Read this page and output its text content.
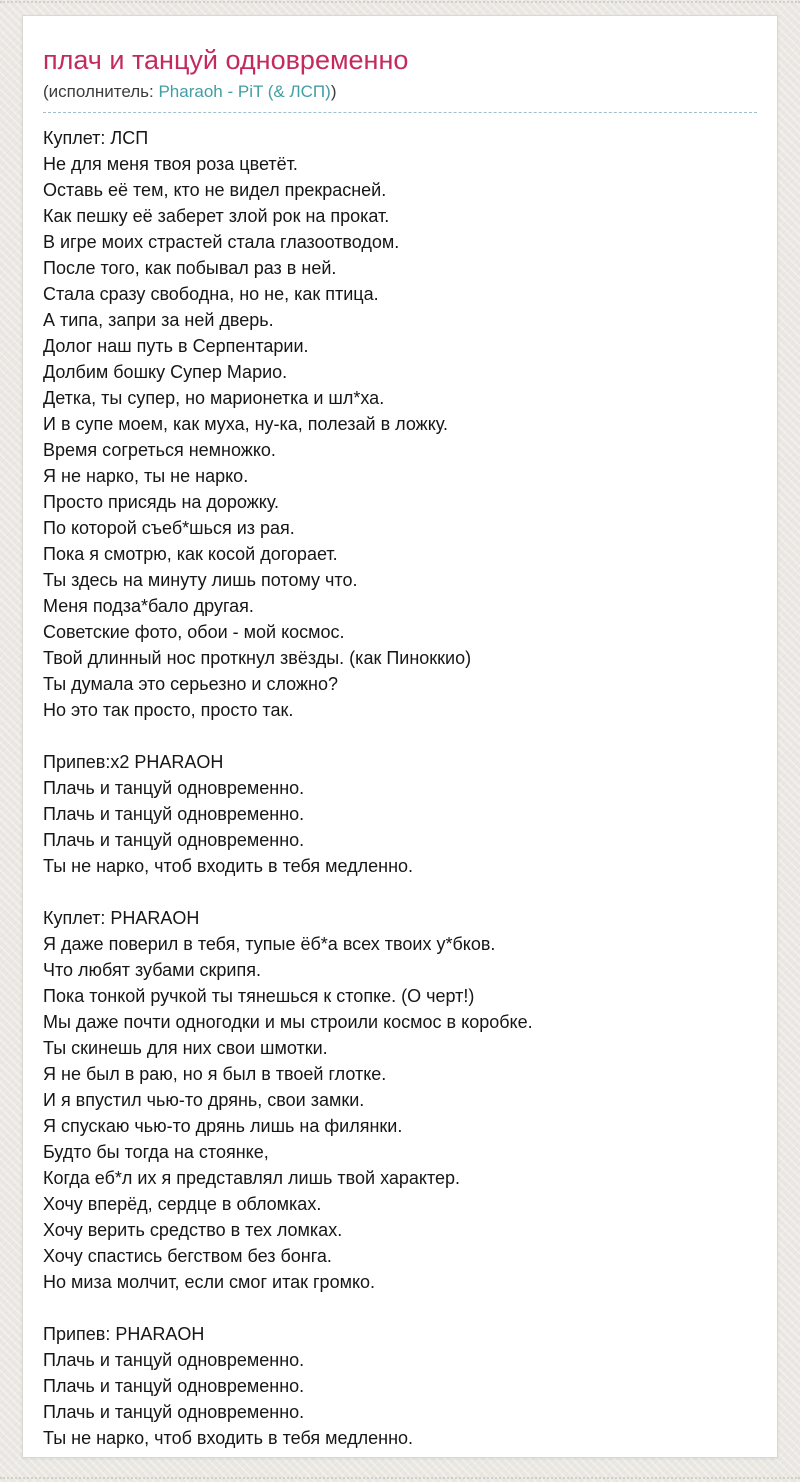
плач и танцуй одновременно
(исполнитель: Pharaoh - PiT (& ЛСП))
Куплет: ЛСП
Не для меня твоя роза цветёт.
Оставь её тем, кто не видел прекрасней.
Как пешку её заберет злой рок на прокат.
В игре моих страстей стала глазоотводом.
После того, как побывал раз в ней.
Стала сразу свободна, но не, как птица.
А типа, запри за ней дверь.
Долог наш путь в Серпентарии.
Долбим бошку Супер Марио.
Детка, ты супер, но марионетка и шл*ха.
И в супе моем, как муха, ну-ка, полезай в ложку.
Время согреться немножко.
Я не нарко, ты не нарко.
Просто присядь на дорожку.
По которой съеб*шься из рая.
Пока я смотрю, как косой догорает.
Ты здесь на минуту лишь потому что.
Меня подза*бало другая.
Советские фото, обои - мой космос.
Твой длинный нос проткнул звёзды. (как Пиноккио)
Ты думала это серьезно и сложно?
Но это так просто, просто так.
Припев:х2 PHARAOH
Плачь и танцуй одновременно.
Плачь и танцуй одновременно.
Плачь и танцуй одновременно.
Ты не нарко, чтоб входить в тебя медленно.
Куплет: PHARAOH
Я даже поверил в тебя, тупые ёб*а всех твоих у*бков.
Что любят зубами скрипя.
Пока тонкой ручкой ты тянешься к стопке. (О черт!)
Мы даже почти одногодки и мы строили космос в коробке.
Ты скинешь для них свои шмотки.
Я не был в раю, но я был в твоей глотке.
И я впустил чью-то дрянь, свои замки.
Я спускаю чью-то дрянь лишь на филянки.
Будто бы тогда на стоянке,
Когда еб*л их я представлял лишь твой характер.
Хочу вперёд, сердце в обломках.
Хочу верить средство в тех ломках.
Хочу спастись бегством без бонга.
Но миза молчит, если смог итак громко.
Припев: PHARAOH
Плачь и танцуй одновременно.
Плачь и танцуй одновременно.
Плачь и танцуй одновременно.
Ты не нарко, чтоб входить в тебя медленно.
